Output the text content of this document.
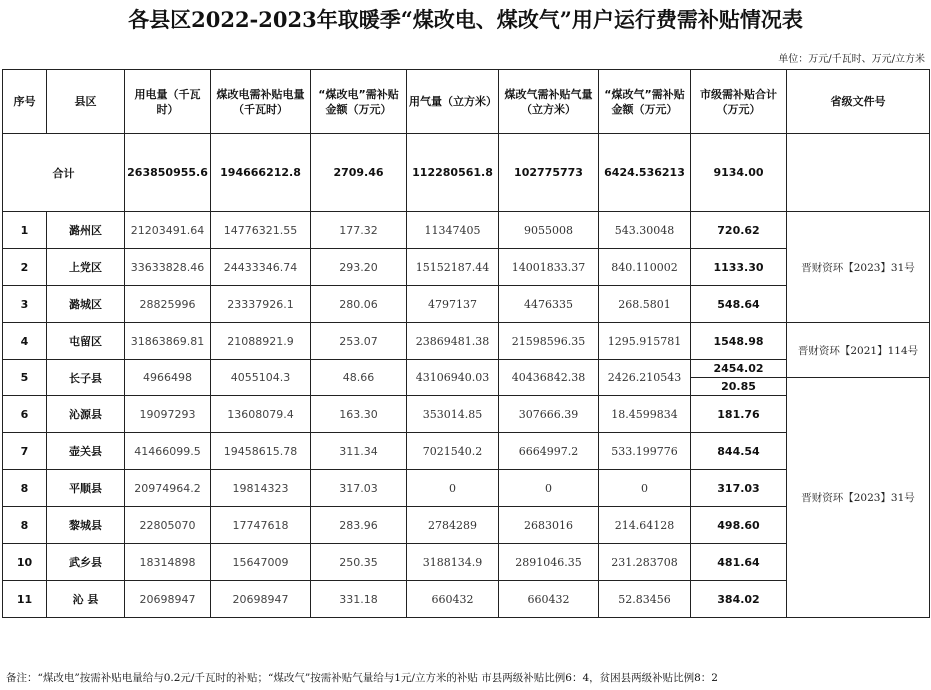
各县区2022-2023年取暖季“煤改电、煤改气”用户运行费需补贴情况表
单位：万元/千瓦时、万元/立方米
序号	县区	用电量（千瓦时）	煤改电需补贴电量（千瓦时）	“煤改电”需补贴金额（万元）	用气量（立方米）	煤改气需补贴气量（立方米）	“煤改气”需补贴金额（万元）	市级需补贴合计（万元）	省级文件号
合计		263850955.6	194666212.8	2709.46	112280561.8	102775773	6424.536213	9134.00	
1	潞州区	21203491.64	14776321.55	177.32	11347405	9055008	543.30048	720.62	晋财资环【2023】31号
2	上党区	33633828.46	24433346.74	293.20	15152187.44	14001833.37	840.110002	1133.30	
3	潞城区	28825996	23337926.1	280.06	4797137	4476335	268.5801	548.64	
4	屯留区	31863869.81	21088921.9	253.07	23869481.38	21598596.35	1295.915781	1548.98	晋财资环【2021】114号
5	长子县	4966498	4055104.3	48.66	43106940.03	40436842.38	2426.210543	2454.02	
								20.85	晋财资环【2023】31号
6	沁源县	19097293	13608079.4	163.30	353014.85	307666.39	18.4599834	181.76	
7	壶关县	41466099.5	19458615.78	311.34	7021540.2	6664997.2	533.199776	844.54	
8	平顺县	20974964.2	19814323	317.03	0	0	0	317.03	
8	黎城县	22805070	17747618	283.96	2784289	2683016	214.64128	498.60	
10	武乡县	18314898	15647009	250.35	3188134.9	2891046.35	231.283708	481.64	
11	沁 县	20698947	20698947	331.18	660432	660432	52.83456	384.02	
备注：“煤改电”按需补贴电量给与0.2元/千瓦时的补贴；“煤改气”按需补贴气量给与1元/立方米的补贴 市县两级补贴比例6：4，贫困县两级补贴比例8：2
